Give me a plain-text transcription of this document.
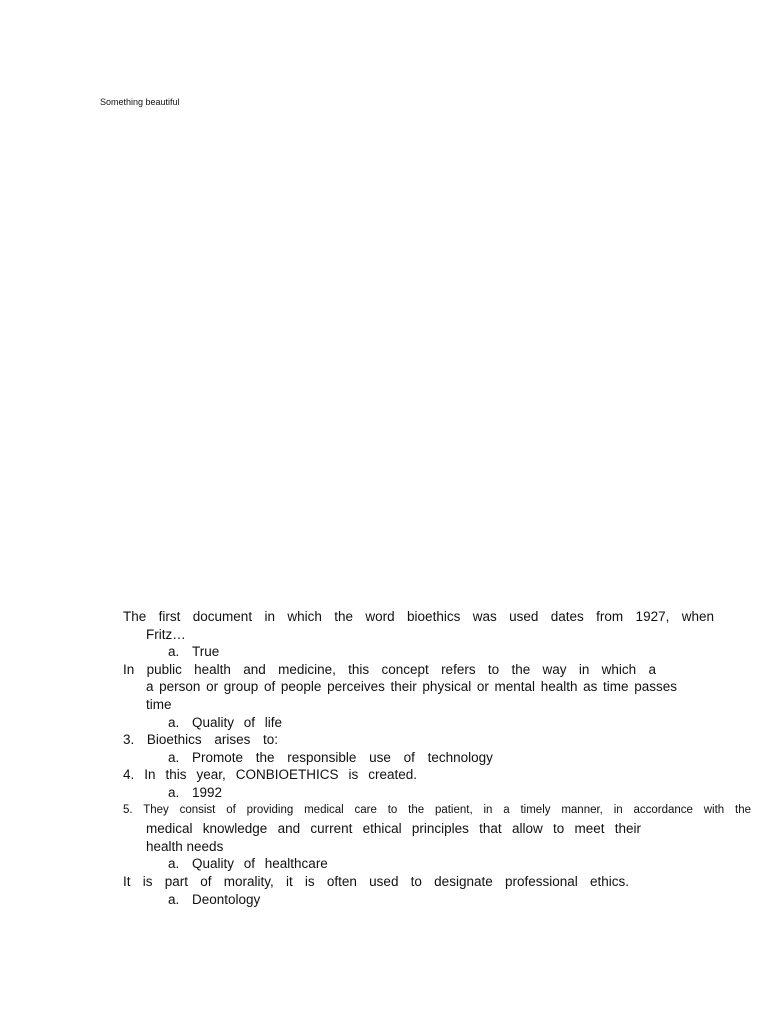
Something beautiful
The first document in which the word bioethics was used dates from 1927, when
Fritz…
a. True
In public health and medicine, this concept refers to the way in which a
a person or group of people perceives their physical or mental health as time passes
time
a. Quality of life
3. Bioethics arises to:
a. Promote the responsible use of technology
4. In this year, CONBIOETHICS is created.
a. 1992
5. They consist of providing medical care to the patient, in a timely manner, in accordance with the
medical knowledge and current ethical principles that allow to meet their
health needs
a. Quality of healthcare
It is part of morality, it is often used to designate professional ethics.
a. Deontology
